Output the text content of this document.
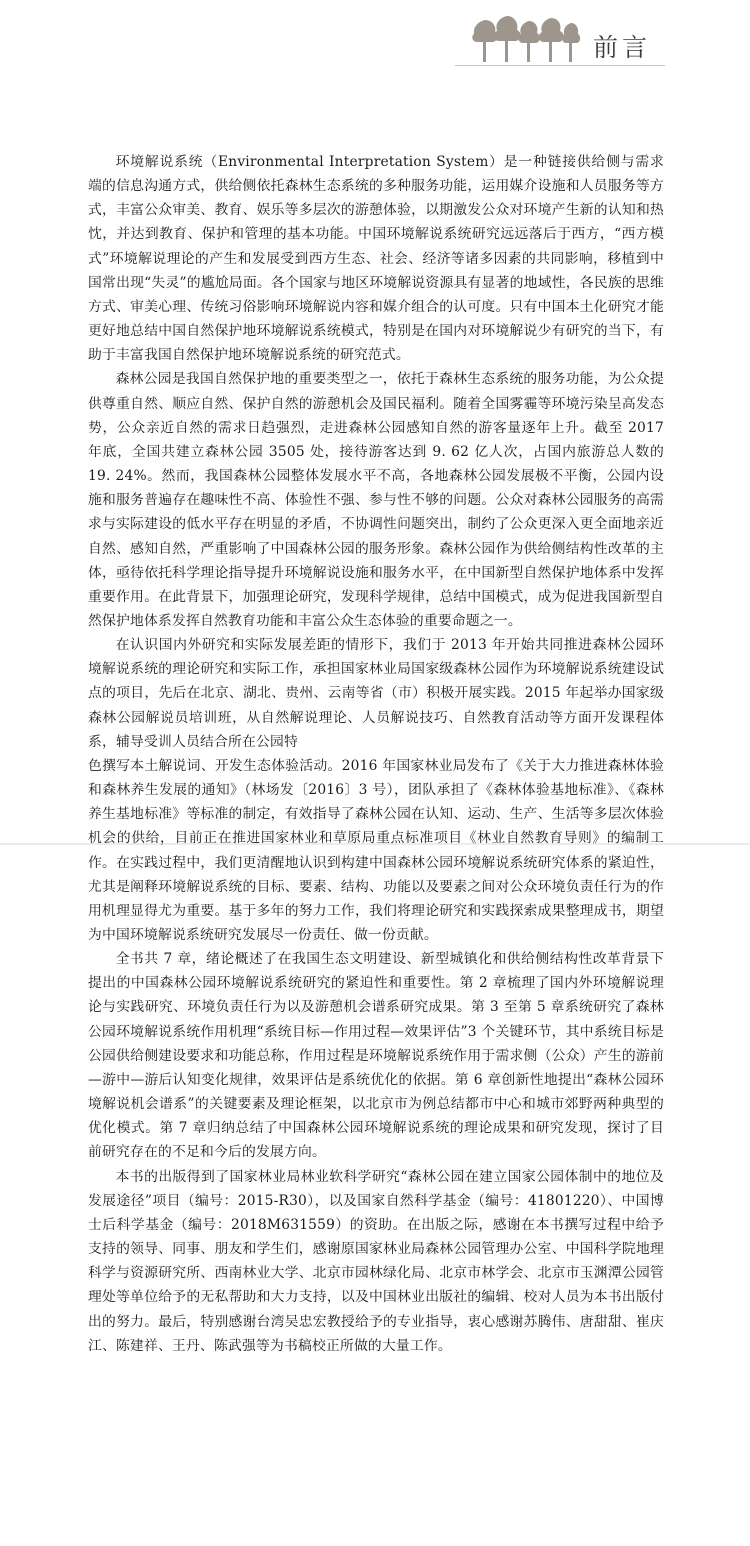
前言

环境解说系统（Environmental Interpretation System）是一种链接供给侧与需求端的信息沟通方式，供给侧依托森林生态系统的多种服务功能，运用媒介设施和人员服务等方式，丰富公众审美、教育、娱乐等多层次的游憩体验，以期激发公众对环境产生新的认知和热忱，并达到教育、保护和管理的基本功能。中国环境解说系统研究远远落后于西方，“西方模式”环境解说理论的产生和发展受到西方生态、社会、经济等诸多因素的共同影响，移植到中国常出现“失灵”的尴尬局面。各个国家与地区环境解说资源具有显著的地域性，各民族的思维方式、审美心理、传统习俗影响环境解说内容和媒介组合的认可度。只有中国本土化研究才能更好地总结中国自然保护地环境解说系统模式，特别是在国内对环境解说少有研究的当下，有助于丰富我国自然保护地环境解说系统的研究范式。

森林公园是我国自然保护地的重要类型之一，依托于森林生态系统的服务功能，为公众提供尊重自然、顺应自然、保护自然的游憩机会及国民福利。随着全国雾霾等环境污染呈高发态势，公众亲近自然的需求日趋强烈，走进森林公园感知自然的游客量逐年上升。截至 2017 年底，全国共建立森林公园 3505 处，接待游客达到 9. 62 亿人次，占国内旅游总人数的 19. 24%。然而，我国森林公园整体发展水平不高，各地森林公园发展极不平衡，公园内设施和服务普遍存在趣味性不高、体验性不强、参与性不够的问题。公众对森林公园服务的高需求与实际建设的低水平存在明显的矛盾，不协调性问题突出，制约了公众更深入更全面地亲近自然、感知自然，严重影响了中国森林公园的服务形象。森林公园作为供给侧结构性改革的主体，亟待依托科学理论指导提升环境解说设施和服务水平，在中国新型自然保护地体系中发挥重要作用。在此背景下，加强理论研究，发现科学规律，总结中国模式，成为促进我国新型自然保护地体系发挥自然教育功能和丰富公众生态体验的重要命题之一。

在认识国内外研究和实际发展差距的情形下，我们于 2013 年开始共同推进森林公园环境解说系统的理论研究和实际工作，承担国家林业局国家级森林公园作为环境解说系统建设试点的项目，先后在北京、湖北、贵州、云南等省（市）积极开展实践。2015 年起举办国家级森林公园解说员培训班，从自然解说理论、人员解说技巧、自然教育活动等方面开发课程体系，辅导受训人员结合所在公园特

色撰写本土解说词、开发生态体验活动。2016 年国家林业局发布了《关于大力推进森林体验和森林养生发展的通知》（林场发〔2016〕3 号），团队承担了《森林体验基地标准》、《森林养生基地标准》等标准的制定，有效指导了森林公园在认知、运动、生产、生活等多层次体验机会的供给，目前正在推进国家林业和草原局重点标准项目《林业自然教育导则》的编制工作。在实践过程中，我们更清醒地认识到构建中国森林公园环境解说系统研究体系的紧迫性，尤其是阐释环境解说系统的目标、要素、结构、功能以及要素之间对公众环境负责任行为的作用机理显得尤为重要。基于多年的努力工作，我们将理论研究和实践探索成果整理成书，期望为中国环境解说系统研究发展尽一份责任、做一份贡献。

全书共 7 章，绪论概述了在我国生态文明建设、新型城镇化和供给侧结构性改革背景下提出的中国森林公园环境解说系统研究的紧迫性和重要性。第 2 章梳理了国内外环境解说理论与实践研究、环境负责任行为以及游憩机会谱系研究成果。第 3 至第 5 章系统研究了森林公园环境解说系统作用机理“系统目标—作用过程—效果评估”3 个关键环节，其中系统目标是公园供给侧建设要求和功能总称，作用过程是环境解说系统作用于需求侧（公众）产生的游前—游中—游后认知变化规律，效果评估是系统优化的依据。第 6 章创新性地提出“森林公园环境解说机会谱系”的关键要素及理论框架，以北京市为例总结都市中心和城市郊野两种典型的优化模式。第 7 章归纳总结了中国森林公园环境解说系统的理论成果和研究发现，探讨了目前研究存在的不足和今后的发展方向。

本书的出版得到了国家林业局林业软科学研究“森林公园在建立国家公园体制中的地位及发展途径”项目（编号：2015-R30），以及国家自然科学基金（编号：41801220）、中国博士后科学基金（编号：2018M631559）的资助。在出版之际，感谢在本书撰写过程中给予支持的领导、同事、朋友和学生们，感谢原国家林业局森林公园管理办公室、中国科学院地理科学与资源研究所、西南林业大学、北京市园林绿化局、北京市林学会、北京市玉渊潭公园管理处等单位给予的无私帮助和大力支持，以及中国林业出版社的编辑、校对人员为本书出版付出的努力。最后，特别感谢台湾吴忠宏教授给予的专业指导，衷心感谢苏腾伟、唐甜甜、崔庆江、陈建祥、王丹、陈武强等为书稿校正所做的大量工作。
